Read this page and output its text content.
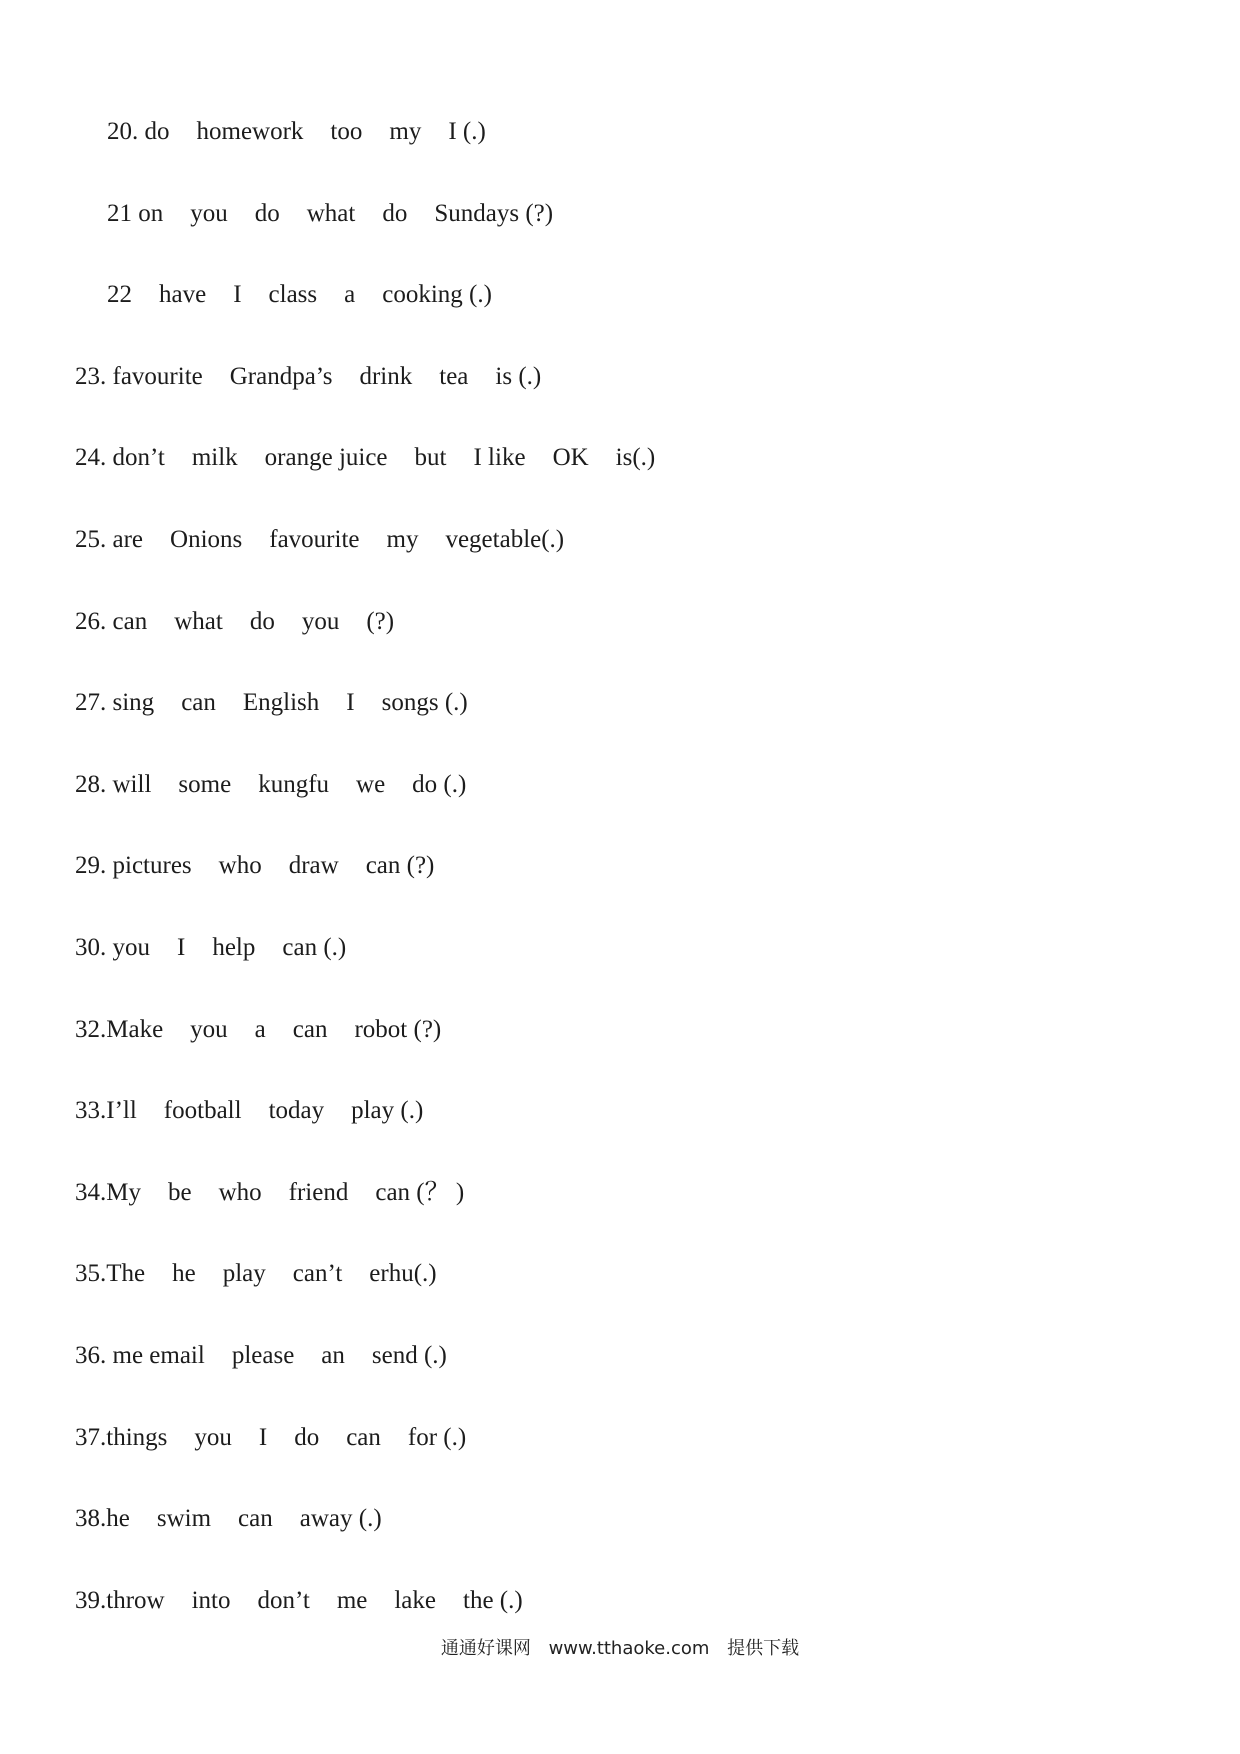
20. do homework too my I (.)
21 on you do what do Sundays (?)
22 have I class a cooking (.)
23. favourite Grandpa’s drink tea is (.)
24. don’t milk orange juice but I like OK is(.)
25. are Onions favourite my vegetable(.)
26. can what do you (?)
27. sing can English I songs (.)
28. will some kungfu we do (.)
29. pictures who draw can (?)
30. you I help can (.)
32.Make you a can robot (?)
33.I’ll football today play (.)
34.My be who friend can (？ )
35.The he play can’t erhu(.)
36. me email please an send (.)
37.things you I do can for (.)
38.he swim can away (.)
39.throw into don’t me lake the (.)
通通好课网 www.tthaoke.com 提供下载
